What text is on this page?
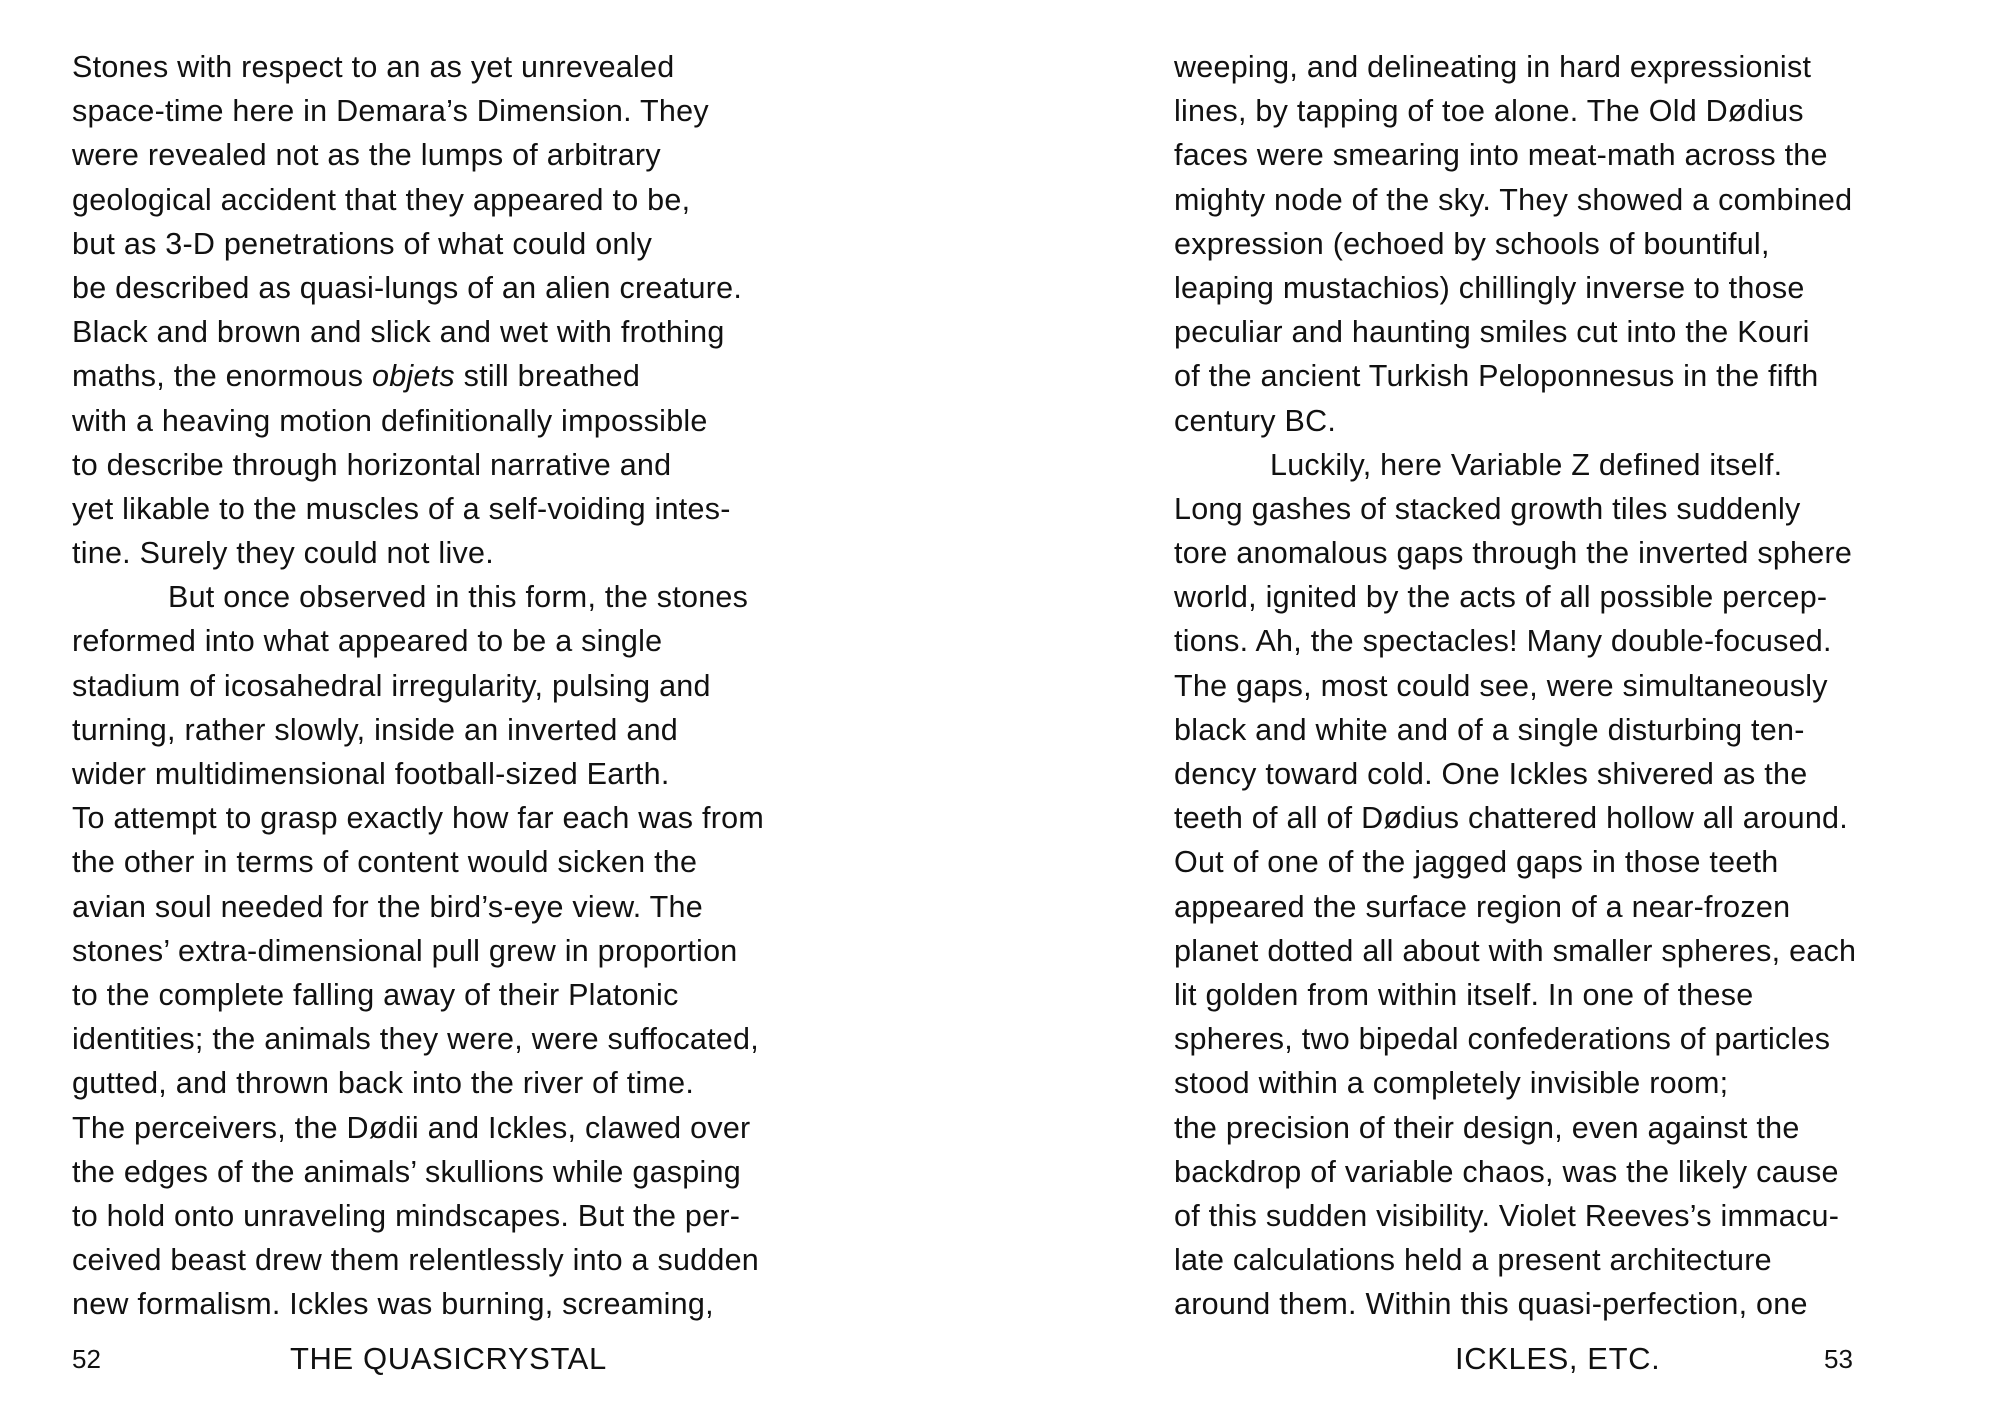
Stones with respect to an as yet unrevealed
space-time here in Demara’s Dimension. They
were revealed not as the lumps of arbitrary
geological accident that they appeared to be,
but as 3-D penetrations of what could only
be described as quasi-lungs of an alien creature.
Black and brown and slick and wet with frothing
maths, the enormous objets still breathed
with a heaving motion definitionally impossible
to describe through horizontal narrative and
yet likable to the muscles of a self-voiding intes-
tine. Surely they could not live.
But once observed in this form, the stones
reformed into what appeared to be a single
stadium of icosahedral irregularity, pulsing and
turning, rather slowly, inside an inverted and
wider multidimensional football-sized Earth.
To attempt to grasp exactly how far each was from
the other in terms of content would sicken the
avian soul needed for the bird’s-eye view. The
stones’ extra-dimensional pull grew in proportion
to the complete falling away of their Platonic
identities; the animals they were, were suffocated,
gutted, and thrown back into the river of time.
The perceivers, the Dødii and Ickles, clawed over
the edges of the animals’ skullions while gasping
to hold onto unraveling mindscapes. But the per-
ceived beast drew them relentlessly into a sudden
new formalism. Ickles was burning, screaming,
52	THE QUASICRYSTAL
weeping, and delineating in hard expressionist
lines, by tapping of toe alone. The Old Dødius
faces were smearing into meat-math across the
mighty node of the sky. They showed a combined
expression (echoed by schools of bountiful,
leaping mustachios) chillingly inverse to those
peculiar and haunting smiles cut into the Kouri
of the ancient Turkish Peloponnesus in the fifth
century BC.
Luckily, here Variable Z defined itself.
Long gashes of stacked growth tiles suddenly
tore anomalous gaps through the inverted sphere
world, ignited by the acts of all possible percep-
tions. Ah, the spectacles! Many double-focused.
The gaps, most could see, were simultaneously
black and white and of a single disturbing ten-
dency toward cold. One Ickles shivered as the
teeth of all of Dødius chattered hollow all around.
Out of one of the jagged gaps in those teeth
appeared the surface region of a near-frozen
planet dotted all about with smaller spheres, each
lit golden from within itself. In one of these
spheres, two bipedal confederations of particles
stood within a completely invisible room;
the precision of their design, even against the
backdrop of variable chaos, was the likely cause
of this sudden visibility. Violet Reeves’s immacu-
late calculations held a present architecture
around them. Within this quasi-perfection, one
ICKLES, ETC.	53
